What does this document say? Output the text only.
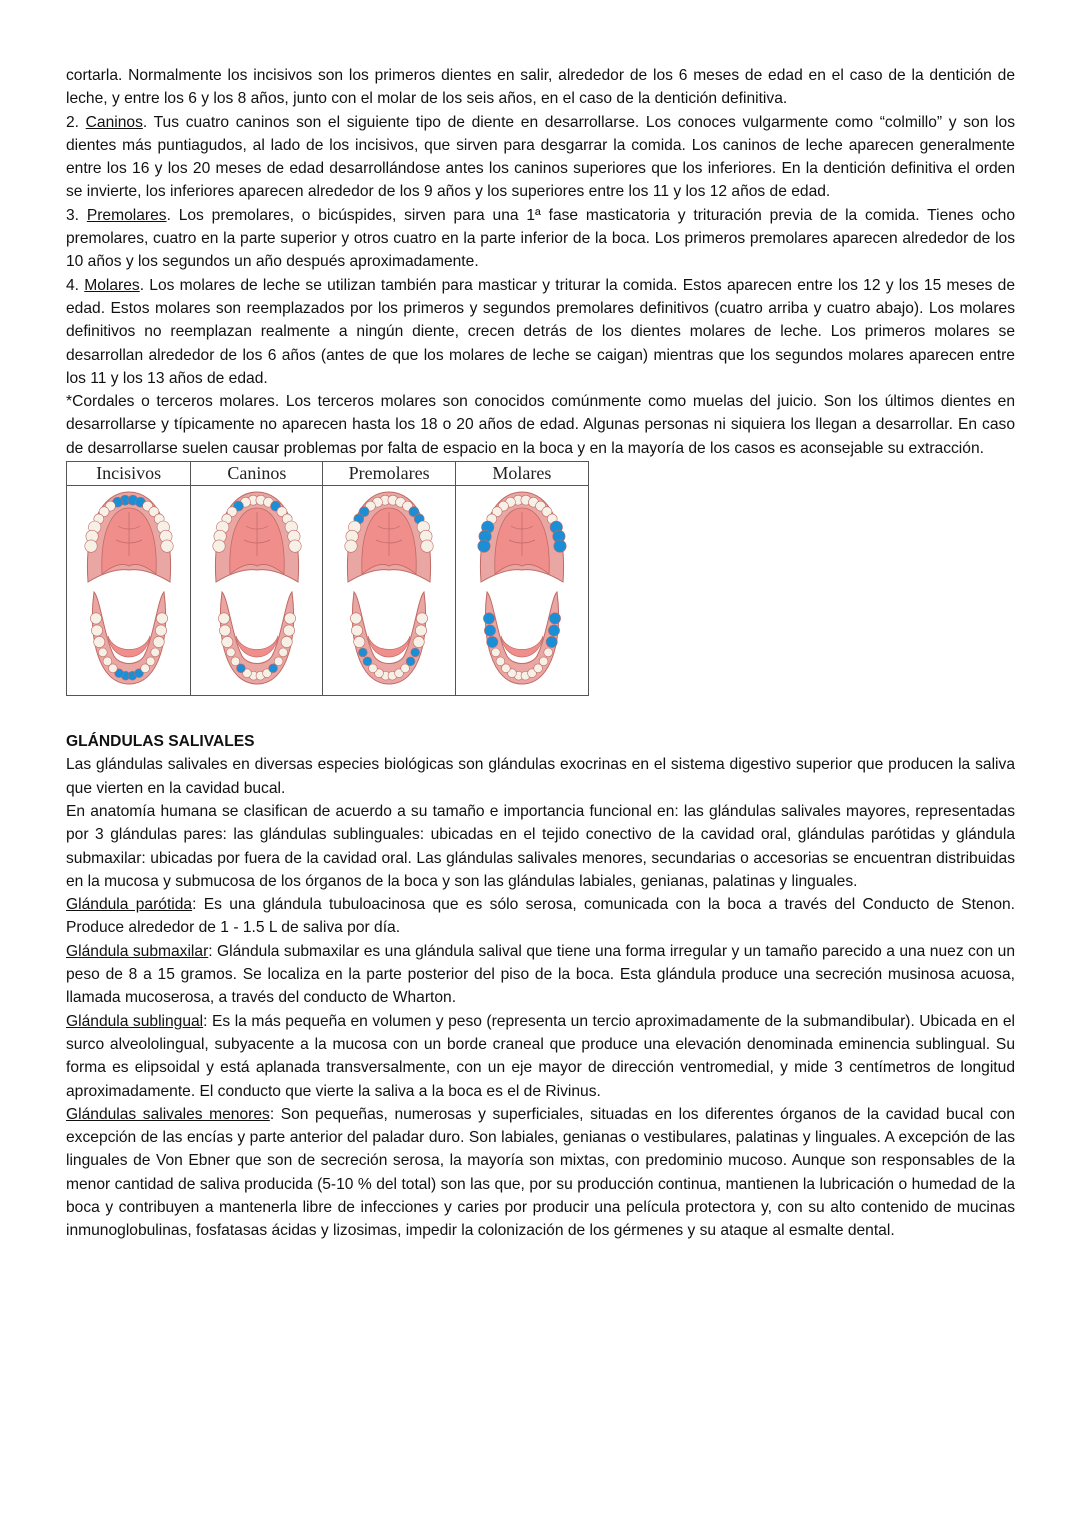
cortarla. Normalmente los incisivos son los primeros dientes en salir, alrededor de los 6 meses de edad en el caso de la dentición de leche, y entre los 6 y los 8 años, junto con el molar de los seis años, en el caso de la dentición definitiva.

2. Caninos. Tus cuatro caninos son el siguiente tipo de diente en desarrollarse. Los conoces vulgarmente como “colmillo” y son los dientes más puntiagudos, al lado de los incisivos, que sirven para desgarrar la comida. Los caninos de leche aparecen generalmente entre los 16 y los 20 meses de edad desarrollándose antes los caninos superiores que los inferiores. En la dentición definitiva el orden se invierte, los inferiores aparecen alrededor de los 9 años y los superiores entre los 11 y los 12 años de edad.

3. Premolares. Los premolares, o bicúspides, sirven para una 1ª fase masticatoria y trituración previa de la comida. Tienes ocho premolares, cuatro en la parte superior y otros cuatro en la parte inferior de la boca. Los primeros premolares aparecen alrededor de los 10 años y los segundos un año después aproximadamente.

4. Molares. Los molares de leche se utilizan también para masticar y triturar la comida. Estos aparecen entre los 12 y los 15 meses de edad. Estos molares son reemplazados por los primeros y segundos premolares definitivos (cuatro arriba y cuatro abajo). Los molares definitivos no reemplazan realmente a ningún diente, crecen detrás de los dientes molares de leche. Los primeros molares se desarrollan alrededor de los 6 años (antes de que los molares de leche se caigan) mientras que los segundos molares aparecen entre los 11 y los 13 años de edad.

*Cordales o terceros molares. Los terceros molares son conocidos comúnmente como muelas del juicio. Son los últimos dientes en desarrollarse y típicamente no aparecen hasta los 18 o 20 años de edad. Algunas personas ni siquiera los llegan a desarrollar. En caso de desarrollarse suelen causar problemas por falta de espacio en la boca y en la mayoría de los casos es aconsejable su extracción.

Incisivos	Caninos	Premolares	Molares

GLÁNDULAS SALIVALES

Las glándulas salivales en diversas especies biológicas son glándulas exocrinas en el sistema digestivo superior que producen la saliva que vierten en la cavidad bucal.

En anatomía humana se clasifican de acuerdo a su tamaño e importancia funcional en: las glándulas salivales mayores, representadas por 3 glándulas pares: las glándulas sublinguales: ubicadas en el tejido conectivo de la cavidad oral, glándulas parótidas y glándula submaxilar: ubicadas por fuera de la cavidad oral. Las glándulas salivales menores, secundarias o accesorias se encuentran distribuidas en la mucosa y submucosa de los órganos de la boca y son las glándulas labiales, genianas, palatinas y linguales.

Glándula parótida: Es una glándula tubuloacinosa que es sólo serosa, comunicada con la boca a través del Conducto de Stenon. Produce alrededor de 1 - 1.5 L de saliva por día.

Glándula submaxilar: Glándula submaxilar es una glándula salival que tiene una forma irregular y un tamaño parecido a una nuez con un peso de 8 a 15 gramos. Se localiza en la parte posterior del piso de la boca. Esta glándula produce una secreción musinosa acuosa, llamada mucoserosa, a través del conducto de Wharton.

Glándula sublingual: Es la más pequeña en volumen y peso (representa un tercio aproximadamente de la submandibular). Ubicada en el surco alveololingual, subyacente a la mucosa con un borde craneal que produce una elevación denominada eminencia sublingual. Su forma es elipsoidal y está aplanada transversalmente, con un eje mayor de dirección ventromedial, y mide 3 centímetros de longitud aproximadamente. El conducto que vierte la saliva a la boca es el de Rivinus.

Glándulas salivales menores: Son pequeñas, numerosas y superficiales, situadas en los diferentes órganos de la cavidad bucal con excepción de las encías y parte anterior del paladar duro. Son labiales, genianas o vestibulares, palatinas y linguales. A excepción de las linguales de Von Ebner que son de secreción serosa, la mayoría son mixtas, con predominio mucoso. Aunque son responsables de la menor cantidad de saliva producida (5-10 % del total) son las que, por su producción continua, mantienen la lubricación o humedad de la boca y contribuyen a mantenerla libre de infecciones y caries por producir una película protectora y, con su alto contenido de mucinas inmunoglobulinas, fosfatasas ácidas y lizosimas, impedir la colonización de los gérmenes y su ataque al esmalte dental.
